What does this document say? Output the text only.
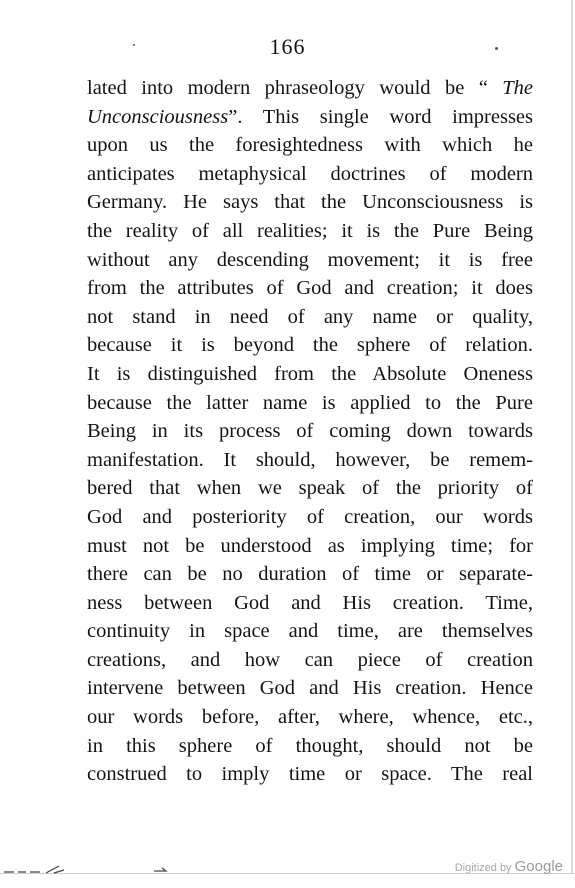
166
lated into modern phraseology would be “ The
Unconsciousness”. This single word impresses
upon us the foresightedness with which he
anticipates metaphysical doctrines of modern
Germany. He says that the Unconsciousness is
the reality of all realities; it is the Pure Being
without any descending movement; it is free
from the attributes of God and creation; it does
not stand in need of any name or quality,
because it is beyond the sphere of relation.
It is distinguished from the Absolute Oneness
because the latter name is applied to the Pure
Being in its process of coming down towards
manifestation. It should, however, be remem-
bered that when we speak of the priority of
God and posteriority of creation, our words
must not be understood as implying time; for
there can be no duration of time or separate-
ness between God and His creation. Time,
continuity in space and time, are themselves
creations, and how can piece of creation
intervene between God and His creation. Hence
our words before, after, where, whence, etc.,
in this sphere of thought, should not be
construed to imply time or space. The real
Digitized by Google
